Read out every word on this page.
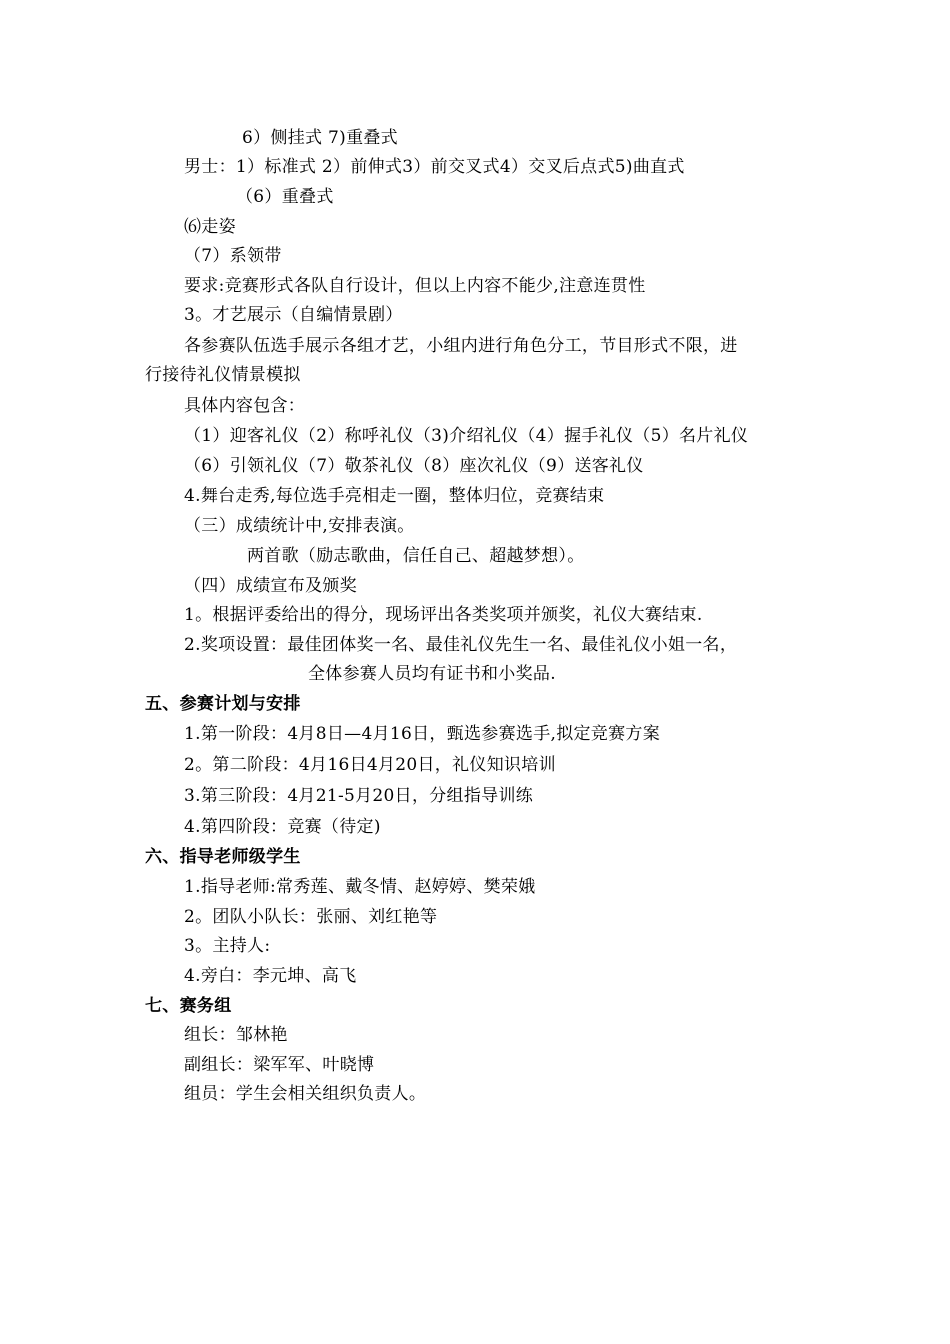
6）侧挂式 7)重叠式
男士：1）标准式 2）前伸式3）前交叉式4）交叉后点式5)曲直式
（6）重叠式
⑹走姿
（7）系领带
要求:竞赛形式各队自行设计，但以上内容不能少,注意连贯性
3。才艺展示（自编情景剧）
各参赛队伍选手展示各组才艺，小组内进行角色分工，节目形式不限，进
行接待礼仪情景模拟
具体内容包含：
（1）迎客礼仪（2）称呼礼仪（3)介绍礼仪（4）握手礼仪（5）名片礼仪
（6）引领礼仪（7）敬茶礼仪（8）座次礼仪（9）送客礼仪
4.舞台走秀,每位选手亮相走一圈，整体归位，竞赛结束
（三）成绩统计中,安排表演。
两首歌（励志歌曲，信任自己、超越梦想）。
（四）成绩宣布及颁奖
1。根据评委给出的得分，现场评出各类奖项并颁奖，礼仪大赛结束.
2.奖项设置：最佳团体奖一名、最佳礼仪先生一名、最佳礼仪小姐一名，
全体参赛人员均有证书和小奖品.
五、参赛计划与安排
1.第一阶段：4月8日—4月16日，甄选参赛选手,拟定竞赛方案
2。第二阶段：4月16日4月20日，礼仪知识培训
3.第三阶段：4月21-5月20日，分组指导训练
4.第四阶段：竞赛（待定)
六、指导老师级学生
1.指导老师:常秀莲、戴冬情、赵婷婷、樊荣娥
2。团队小队长：张丽、刘红艳等
3。主持人:
4.旁白：李元坤、高飞
七、赛务组
组长：邹林艳
副组长：梁军军、叶晓博
组员：学生会相关组织负责人。
